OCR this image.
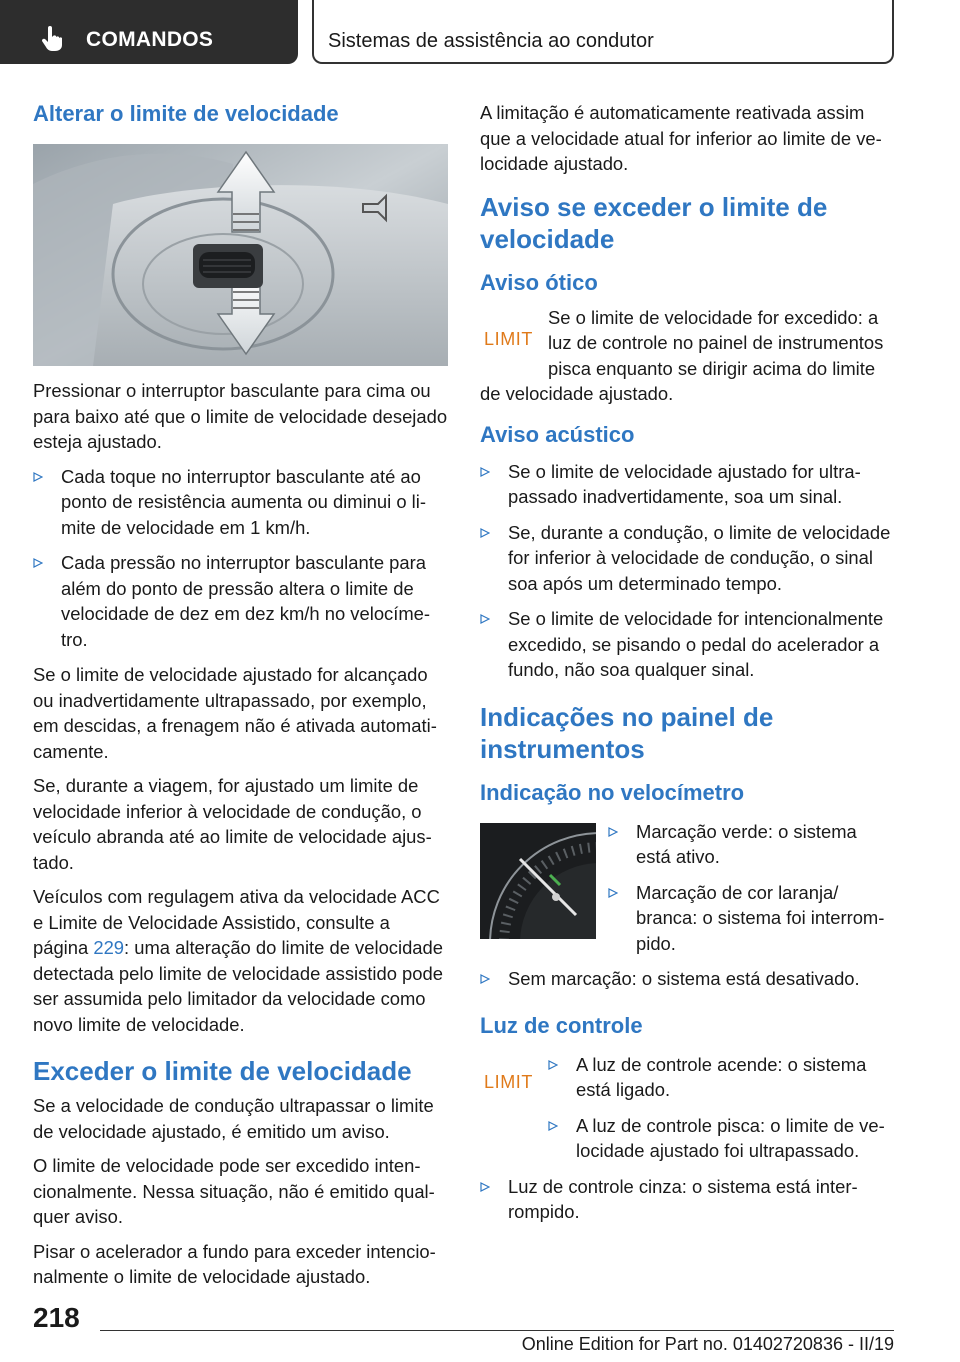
COMANDOS	Sistemas de assistência ao condutor
Alterar o limite de velocidade

Pressionar o interruptor basculante para cima ou para baixo até que o limite de velocidade desejado esteja ajustado.

Cada toque no interruptor basculante até ao ponto de resistência aumenta ou diminui o limite de velocidade em 1 km/h.
Cada pressão no interruptor basculante para além do ponto de pressão altera o limite de velocidade de dez em dez km/h no velocímetro.

Se o limite de velocidade ajustado for alcançado ou inadvertidamente ultrapassado, por exemplo, em descidas, a frenagem não é ativada automaticamente.

Se, durante a viagem, for ajustado um limite de velocidade inferior à velocidade de condução, o veículo abranda até ao limite de velocidade ajustado.

Veículos com regulagem ativa da velocidade ACC e Limite de Velocidade Assistido, consulte a página 229: uma alteração do limite de velocidade detectada pelo limite de velocidade assistido pode ser assumida pelo limitador da velocidade como novo limite de velocidade.

Exceder o limite de velocidade

Se a velocidade de condução ultrapassar o limite de velocidade ajustado, é emitido um aviso.

O limite de velocidade pode ser excedido intencionalmente. Nessa situação, não é emitido qualquer aviso.

Pisar o acelerador a fundo para exceder intencionalmente o limite de velocidade ajustado.

A limitação é automaticamente reativada assim que a velocidade atual for inferior ao limite de velocidade ajustado.

Aviso se exceder o limite de velocidade
Aviso ótico
LIMIT

Se o limite de velocidade for excedido: a luz de controle no painel de instrumentos pisca enquanto se dirigir acima do limite

de velocidade ajustado.

Aviso acústico
Se o limite de velocidade ajustado for ultrapassado inadvertidamente, soa um sinal.
Se, durante a condução, o limite de velocidade for inferior à velocidade de condução, o sinal soa após um determinado tempo.
Se o limite de velocidade for intencionalmente excedido, se pisando o pedal do acelerador a fundo, não soa qualquer sinal.
Indicações no painel de instrumentos
Indicação no velocímetro
Marcação verde: o sistema está ativo.
Marcação de cor laranja/ branca: o sistema foi interrompido.
Sem marcação: o sistema está desativado.
Luz de controle
LIMIT
A luz de controle acende: o sistema está ligado.
A luz de controle pisca: o limite de velocidade ajustado foi ultrapassado.
Luz de controle cinza: o sistema está interrompido.
218
Online Edition for Part no. 01402720836 - II/19
